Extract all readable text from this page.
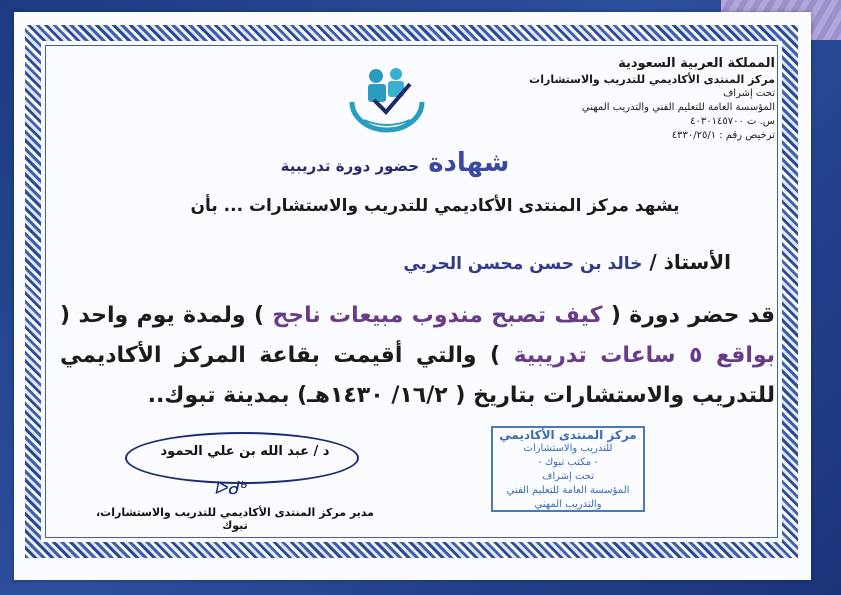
المملكة العربية السعودية
مركز المنتدى الأكاديمي للتدريب والاستشارات
تحت إشراف
المؤسسة العامة للتعليم الفني والتدريب المهني
س. ت ٤٠٣٠١٤٥٧٠٠
ترخيص رقم : ٤٣٣٠/٢٥/١
شهادة حضور دورة تدريبية
يشهد مركز المنتدى الأكاديمي للتدريب والاستشارات ... بأن
الأستاذ / خالد بن حسن محسن الحربي
قد حضر دورة ( كيف تصبح مندوب مبيعات ناجح ) ولمدة يوم واحد ( بواقع ٥ ساعات تدريبية ) والتي أقيمت بقاعة المركز الأكاديمي للتدريب والاستشارات بتاريخ ( ١٦/٢/ ١٤٣٠هـ) بمدينة تبوك..
د / عبد الله بن علي الحمود
ᐅᑯᒃ
مدير مركز المنتدى الأكاديمي للتدريب والاستشارات، تبوك
مركز المنتدى الأكاديمي
للتدريب والاستشارات
- مكتب تبوك -
تحت إشراف
المؤسسة العامة للتعليم الفني والتدريب المهني
